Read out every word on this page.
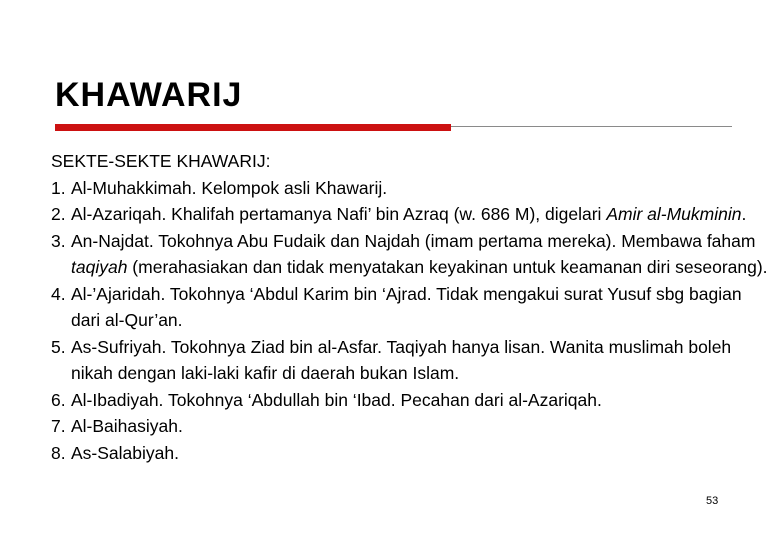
KHAWARIJ

SEKTE-SEKTE KHAWARIJ:

1. Al-Muhakkimah. Kelompok asli Khawarij.
2. Al-Azariqah. Khalifah pertamanya Nafi’ bin Azraq (w. 686 M), digelari Amir al-Mukminin.
3. An-Najdat. Tokohnya Abu Fudaik dan Najdah (imam pertama mereka). Membawa faham taqiyah (merahasiakan dan tidak menyatakan keyakinan untuk keamanan diri seseorang).
4. Al-’Ajaridah. Tokohnya ‘Abdul Karim bin ‘Ajrad. Tidak mengakui surat Yusuf sbg bagian dari al-Qur’an.
5. As-Sufriyah. Tokohnya Ziad bin al-Asfar. Taqiyah hanya lisan. Wanita muslimah boleh nikah dengan laki-laki kafir di daerah bukan Islam.
6. Al-Ibadiyah. Tokohnya ‘Abdullah bin ‘Ibad. Pecahan dari al-Azariqah.
7. Al-Baihasiyah.
8. As-Salabiyah.
53
